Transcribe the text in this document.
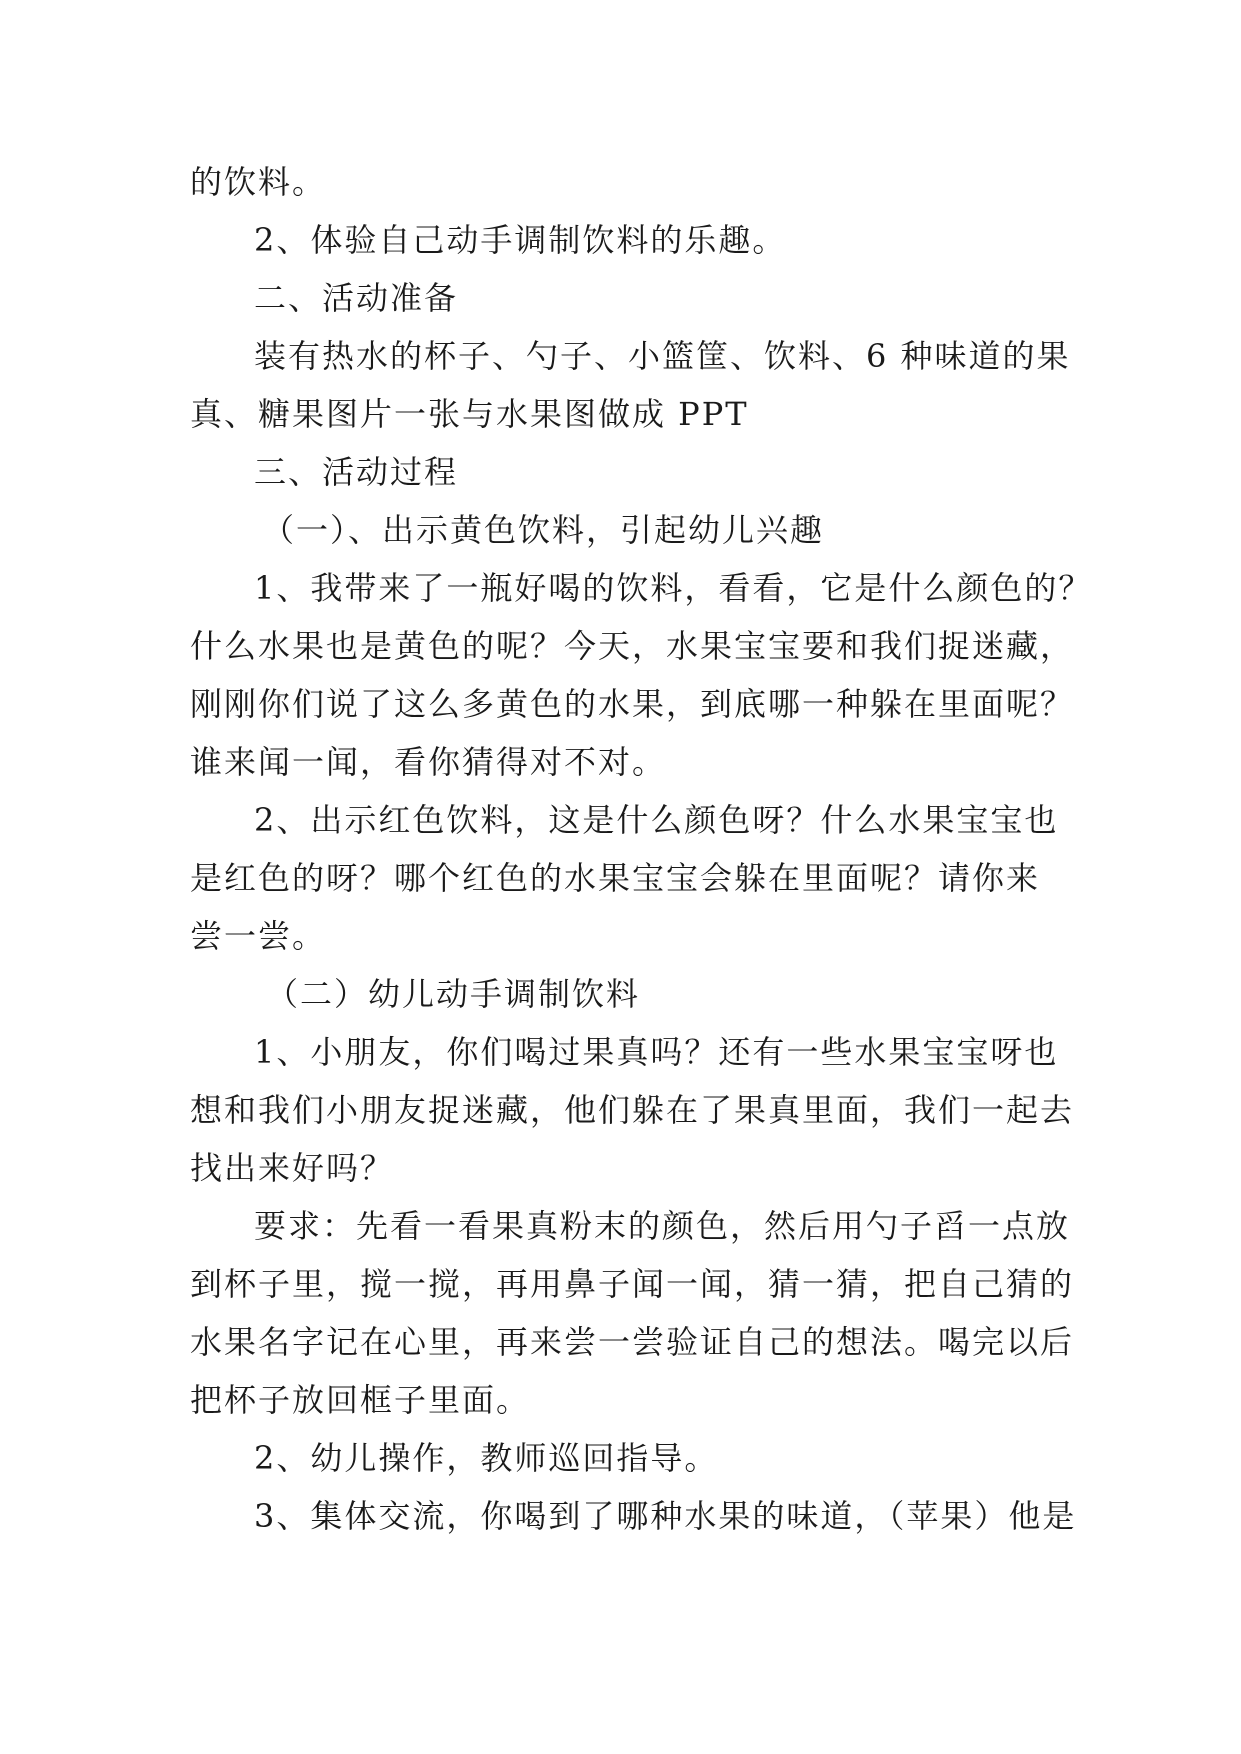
的饮料。
2、体验自己动手调制饮料的乐趣。
二、活动准备
装有热水的杯子、勺子、小篮筐、饮料、6 种味道的果
真、糖果图片一张与水果图做成 PPT
三、活动过程
（一）、出示黄色饮料，引起幼儿兴趣
1、我带来了一瓶好喝的饮料，看看，它是什么颜色的？
什么水果也是黄色的呢？今天，水果宝宝要和我们捉迷藏，
刚刚你们说了这么多黄色的水果，到底哪一种躲在里面呢？
谁来闻一闻，看你猜得对不对。
2、出示红色饮料，这是什么颜色呀？什么水果宝宝也
是红色的呀？哪个红色的水果宝宝会躲在里面呢？请你来
尝一尝。
（二）幼儿动手调制饮料
1、小朋友，你们喝过果真吗？还有一些水果宝宝呀也
想和我们小朋友捉迷藏，他们躲在了果真里面，我们一起去
找出来好吗？
要求：先看一看果真粉末的颜色，然后用勺子舀一点放
到杯子里，搅一搅，再用鼻子闻一闻，猜一猜，把自己猜的
水果名字记在心里，再来尝一尝验证自己的想法。喝完以后
把杯子放回框子里面。
2、幼儿操作，教师巡回指导。
3、集体交流，你喝到了哪种水果的味道，（苹果）他是
